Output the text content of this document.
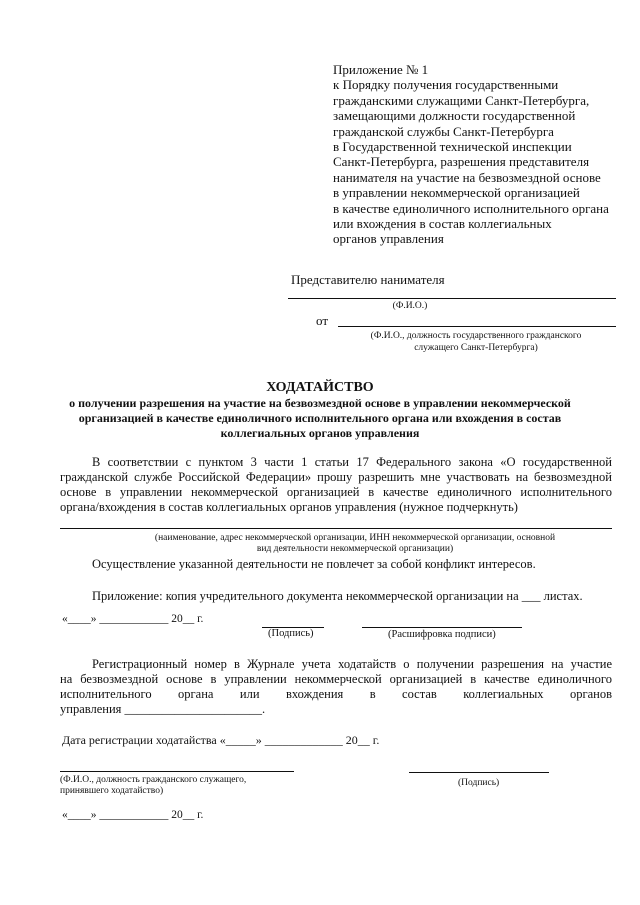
Приложение № 1
к Порядку получения государственными
гражданскими служащими Санкт-Петербурга,
замещающими должности государственной
гражданской службы Санкт-Петербурга
в Государственной технической инспекции
Санкт-Петербурга, разрешения представителя
нанимателя на участие на безвозмездной основе
в управлении некоммерческой организацией
в качестве единоличного исполнительного органа
или вхождения в состав коллегиальных
органов управления
Представителю нанимателя
(Ф.И.О.)
от
(Ф.И.О., должность государственного гражданского
служащего Санкт-Петербурга)
ХОДАТАЙСТВО
о получении разрешения на участие на безвозмездной основе в управлении некоммерческой
организацией в качестве единоличного исполнительного органа или вхождения в состав
коллегиальных органов управления
В соответствии с пунктом 3 части 1 статьи 17 Федерального закона «О государственной
гражданской службе Российской Федерации» прошу разрешить мне участвовать на безвозмездной
основе в управлении некоммерческой организацией в качестве единоличного исполнительного
органа/вхождения в состав коллегиальных органов управления (нужное подчеркнуть)
(наименование, адрес некоммерческой организации, ИНН некоммерческой организации, основной
вид деятельности некоммерческой организации)
Осуществление указанной деятельности не повлечет за собой конфликт интересов.
Приложение: копия учредительного документа некоммерческой организации на ___ листах.
«____» ____________ 20__ г.
(Подпись)	(Расшифровка подписи)
Регистрационный номер в Журнале учета ходатайств о получении разрешения на участие
на безвозмездной основе в управлении некоммерческой организацией в качестве единоличного
исполнительного органа или вхождения в состав коллегиальных органов
управления ______________________.
Дата регистрации ходатайства «_____» _____________ 20__ г.
(Ф.И.О., должность гражданского служащего,
принявшего ходатайство)
(Подпись)
«____» ____________ 20__ г.
